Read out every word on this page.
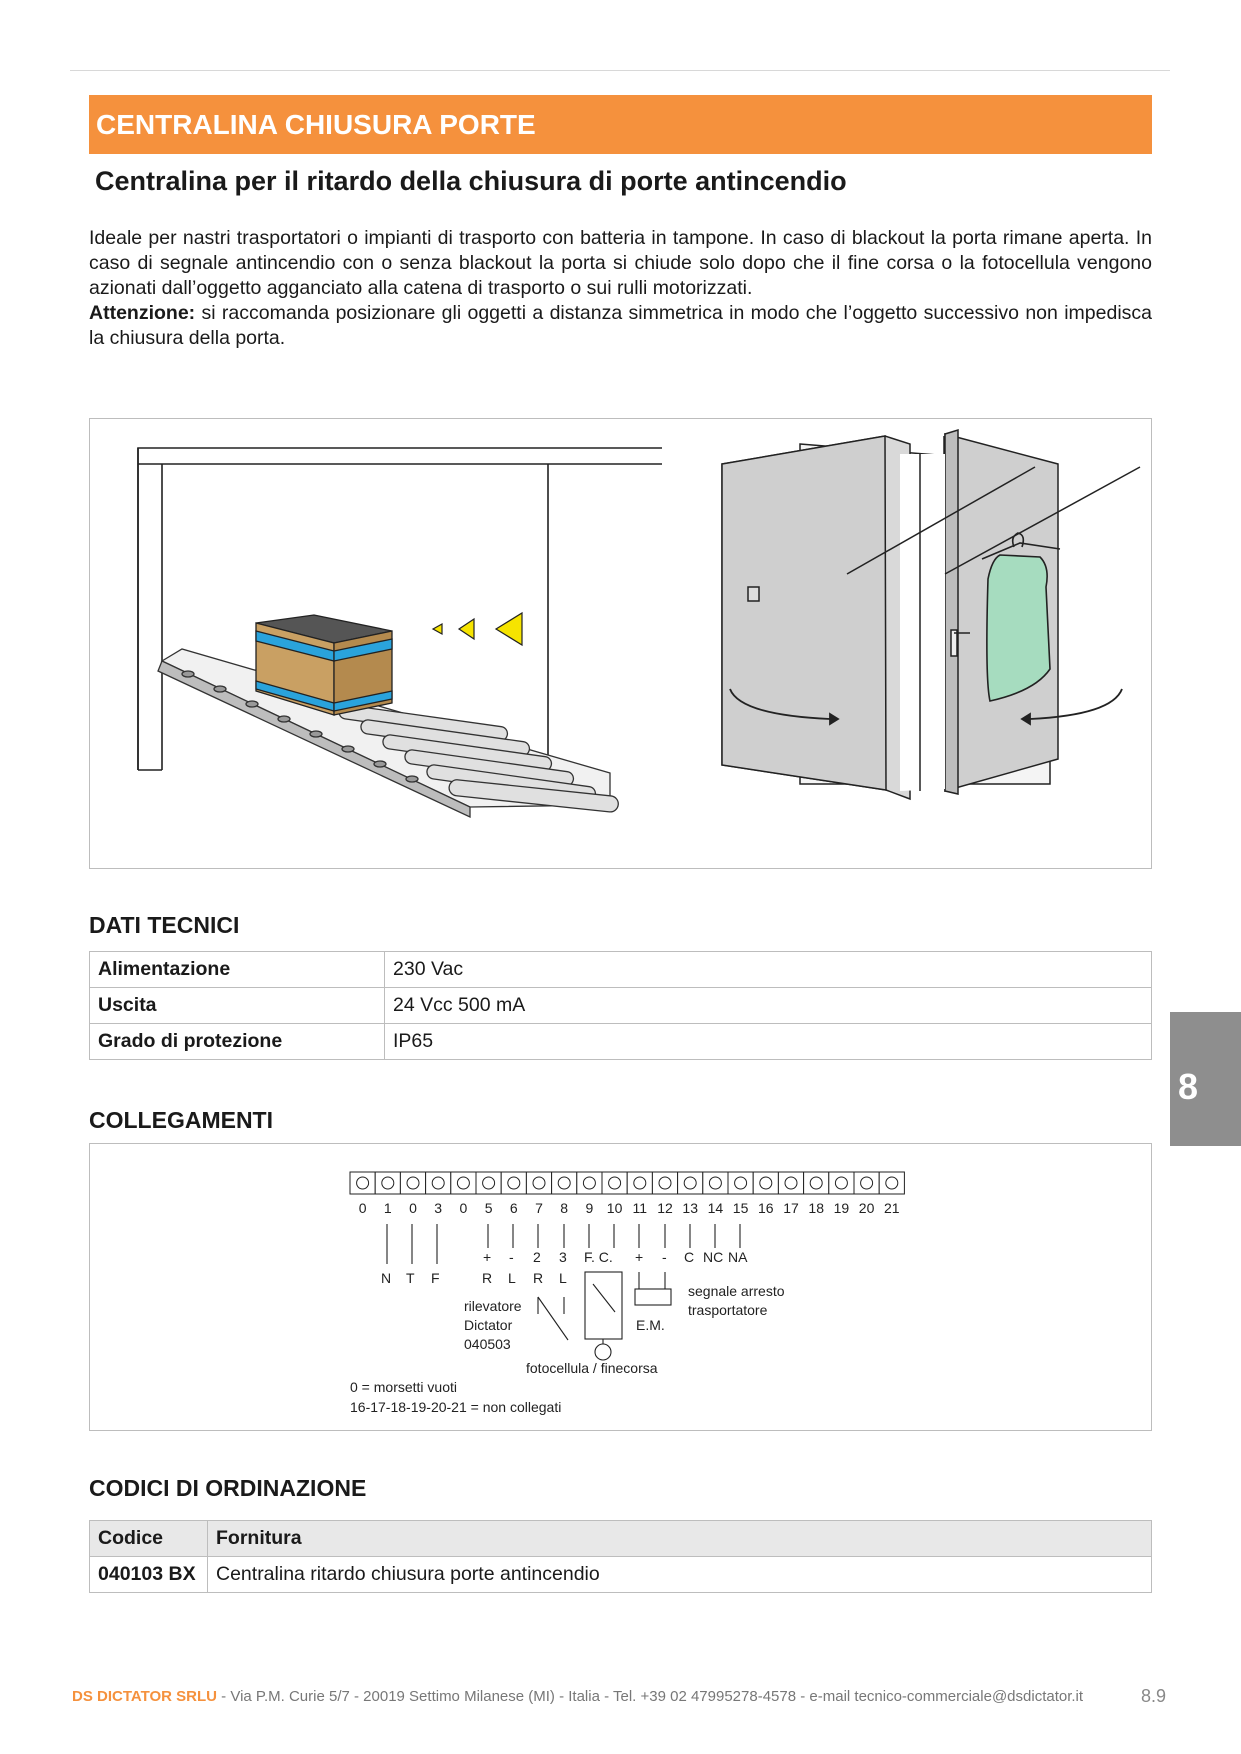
CENTRALINA CHIUSURA PORTE
Centralina per il ritardo della chiusura di porte antincendio
Ideale per nastri trasportatori o impianti di trasporto con batteria in tampone. In caso di blackout la porta rimane aperta. In caso di segnale antincendio con o senza blackout la porta si chiude solo dopo che il fine corsa o la fotocellula vengono azionati dall’oggetto agganciato alla catena di trasporto o sui rulli motorizzati.
Attenzione: si raccomanda posizionare gli oggetti a distanza simmetrica in modo che l’oggetto successivo non impedisca la chiusura della porta.
DATI TECNICI
Alimentazione	230 Vac
Uscita	24 Vcc 500 mA
Grado di protezione	IP65
COLLEGAMENTI
0 1 0 3 0 5 6 7 8 9 10 11 12 13 14 15 16 17 18 19 20 21
N T F
+ - 2 3
R L R L
F. C. + - C NC NA
rilevatore
Dictator
040503
E.M.
segnale arresto
trasportatore
fotocellula / finecorsa
0 = morsetti vuoti
16-17-18-19-20-21 = non collegati
CODICI DI ORDINAZIONE
Codice	Fornitura
040103 BX	Centralina ritardo chiusura porte antincendio
8
DS DICTATOR SRLU - Via P.M. Curie 5/7 - 20019 Settimo Milanese (MI) - Italia - Tel. +39 02 47995278-4578 - e-mail tecnico-commerciale@dsdictator.it	8.9
